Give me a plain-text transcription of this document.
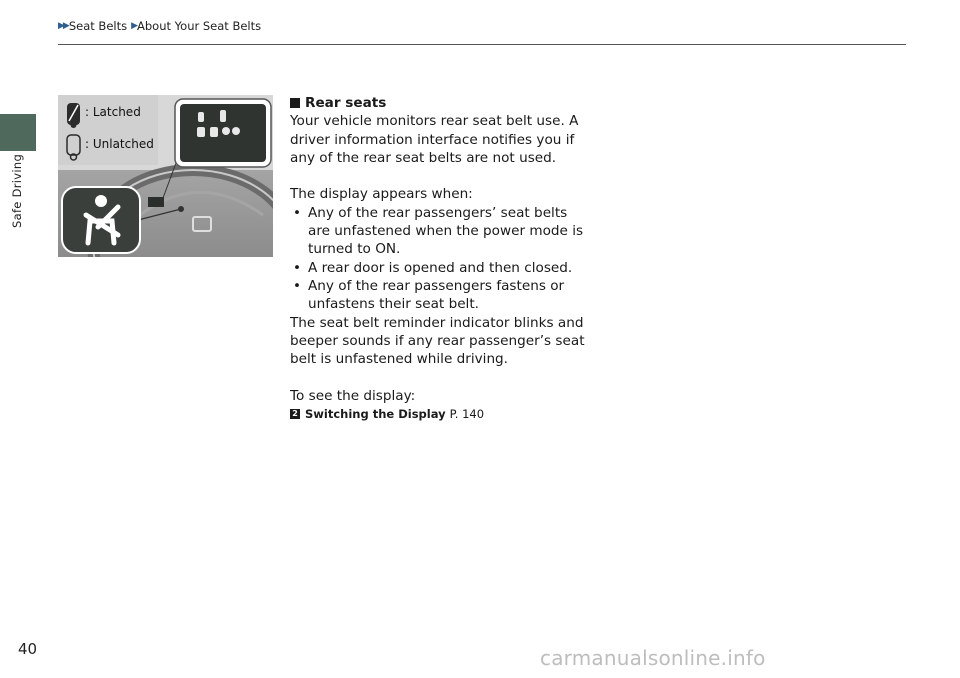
▶▶ Seat Belts ▶ About Your Seat Belts
Safe Driving
: Latched
: Unlatched
Rear seats

Your vehicle monitors rear seat belt use. A driver information interface notifies you if any of the rear seat belts are not used.

The display appears when:

• Any of the rear passengers’ seat belts are unfastened when the power mode is turned to ON.
• A rear door is opened and then closed.
• Any of the rear passengers fastens or unfastens their seat belt.

The seat belt reminder indicator blinks and beeper sounds if any rear passenger’s seat belt is unfastened while driving.

To see the display:

2 Switching the Display P. 140
40	carmanualsonline.info
